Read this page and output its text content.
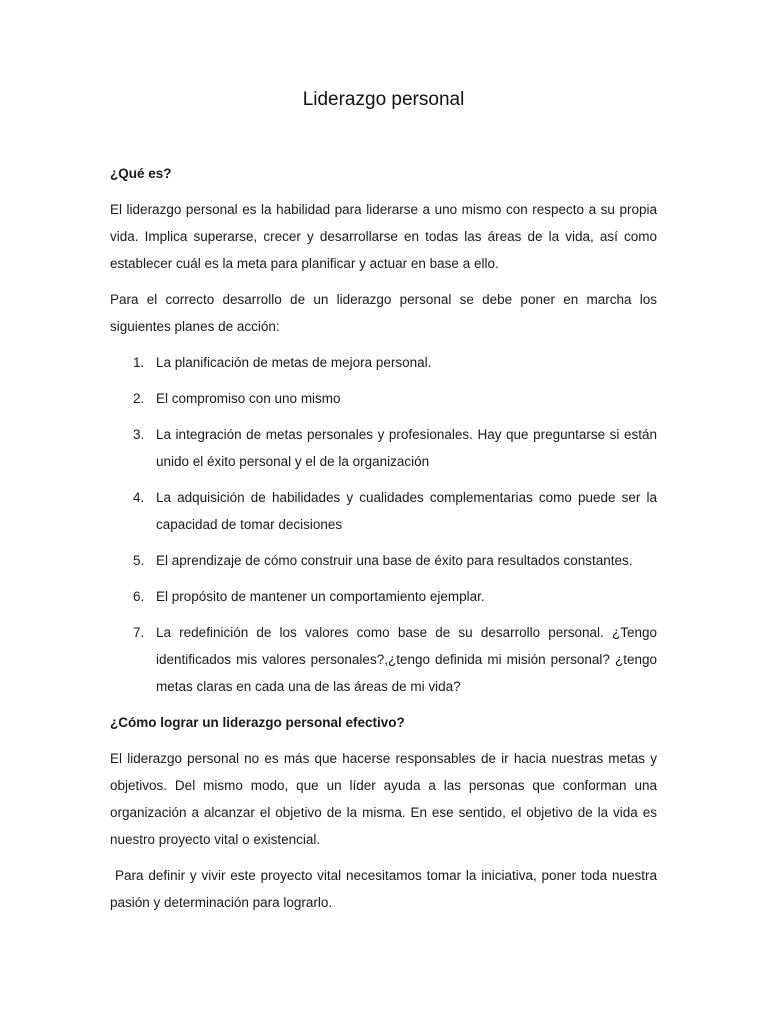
Liderazgo personal
¿Qué es?

El liderazgo personal es la habilidad para liderarse a uno mismo con respecto a su propia vida. Implica superarse, crecer y desarrollarse en todas las áreas de la vida, así como establecer cuál es la meta para planificar y actuar en base a ello.

Para el correcto desarrollo de un liderazgo personal se debe poner en marcha los siguientes planes de acción:

1. La planificación de metas de mejora personal.
2. El compromiso con uno mismo
3. La integración de metas personales y profesionales. Hay que preguntarse si están unido el éxito personal y el de la organización
4. La adquisición de habilidades y cualidades complementarias como puede ser la capacidad de tomar decisiones
5. El aprendizaje de cómo construir una base de éxito para resultados constantes.
6. El propósito de mantener un comportamiento ejemplar.
7. La redefinición de los valores como base de su desarrollo personal. ¿Tengo identificados mis valores personales?,¿tengo definida mi misión personal? ¿tengo metas claras en cada una de las áreas de mi vida?
¿Cómo lograr un liderazgo personal efectivo?

El liderazgo personal no es más que hacerse responsables de ir hacia nuestras metas y objetivos. Del mismo modo, que un líder ayuda a las personas que conforman una organización a alcanzar el objetivo de la misma. En ese sentido, el objetivo de la vida es nuestro proyecto vital o existencial.

Para definir y vivir este proyecto vital necesitamos tomar la iniciativa, poner toda nuestra pasión y determinación para lograrlo.
